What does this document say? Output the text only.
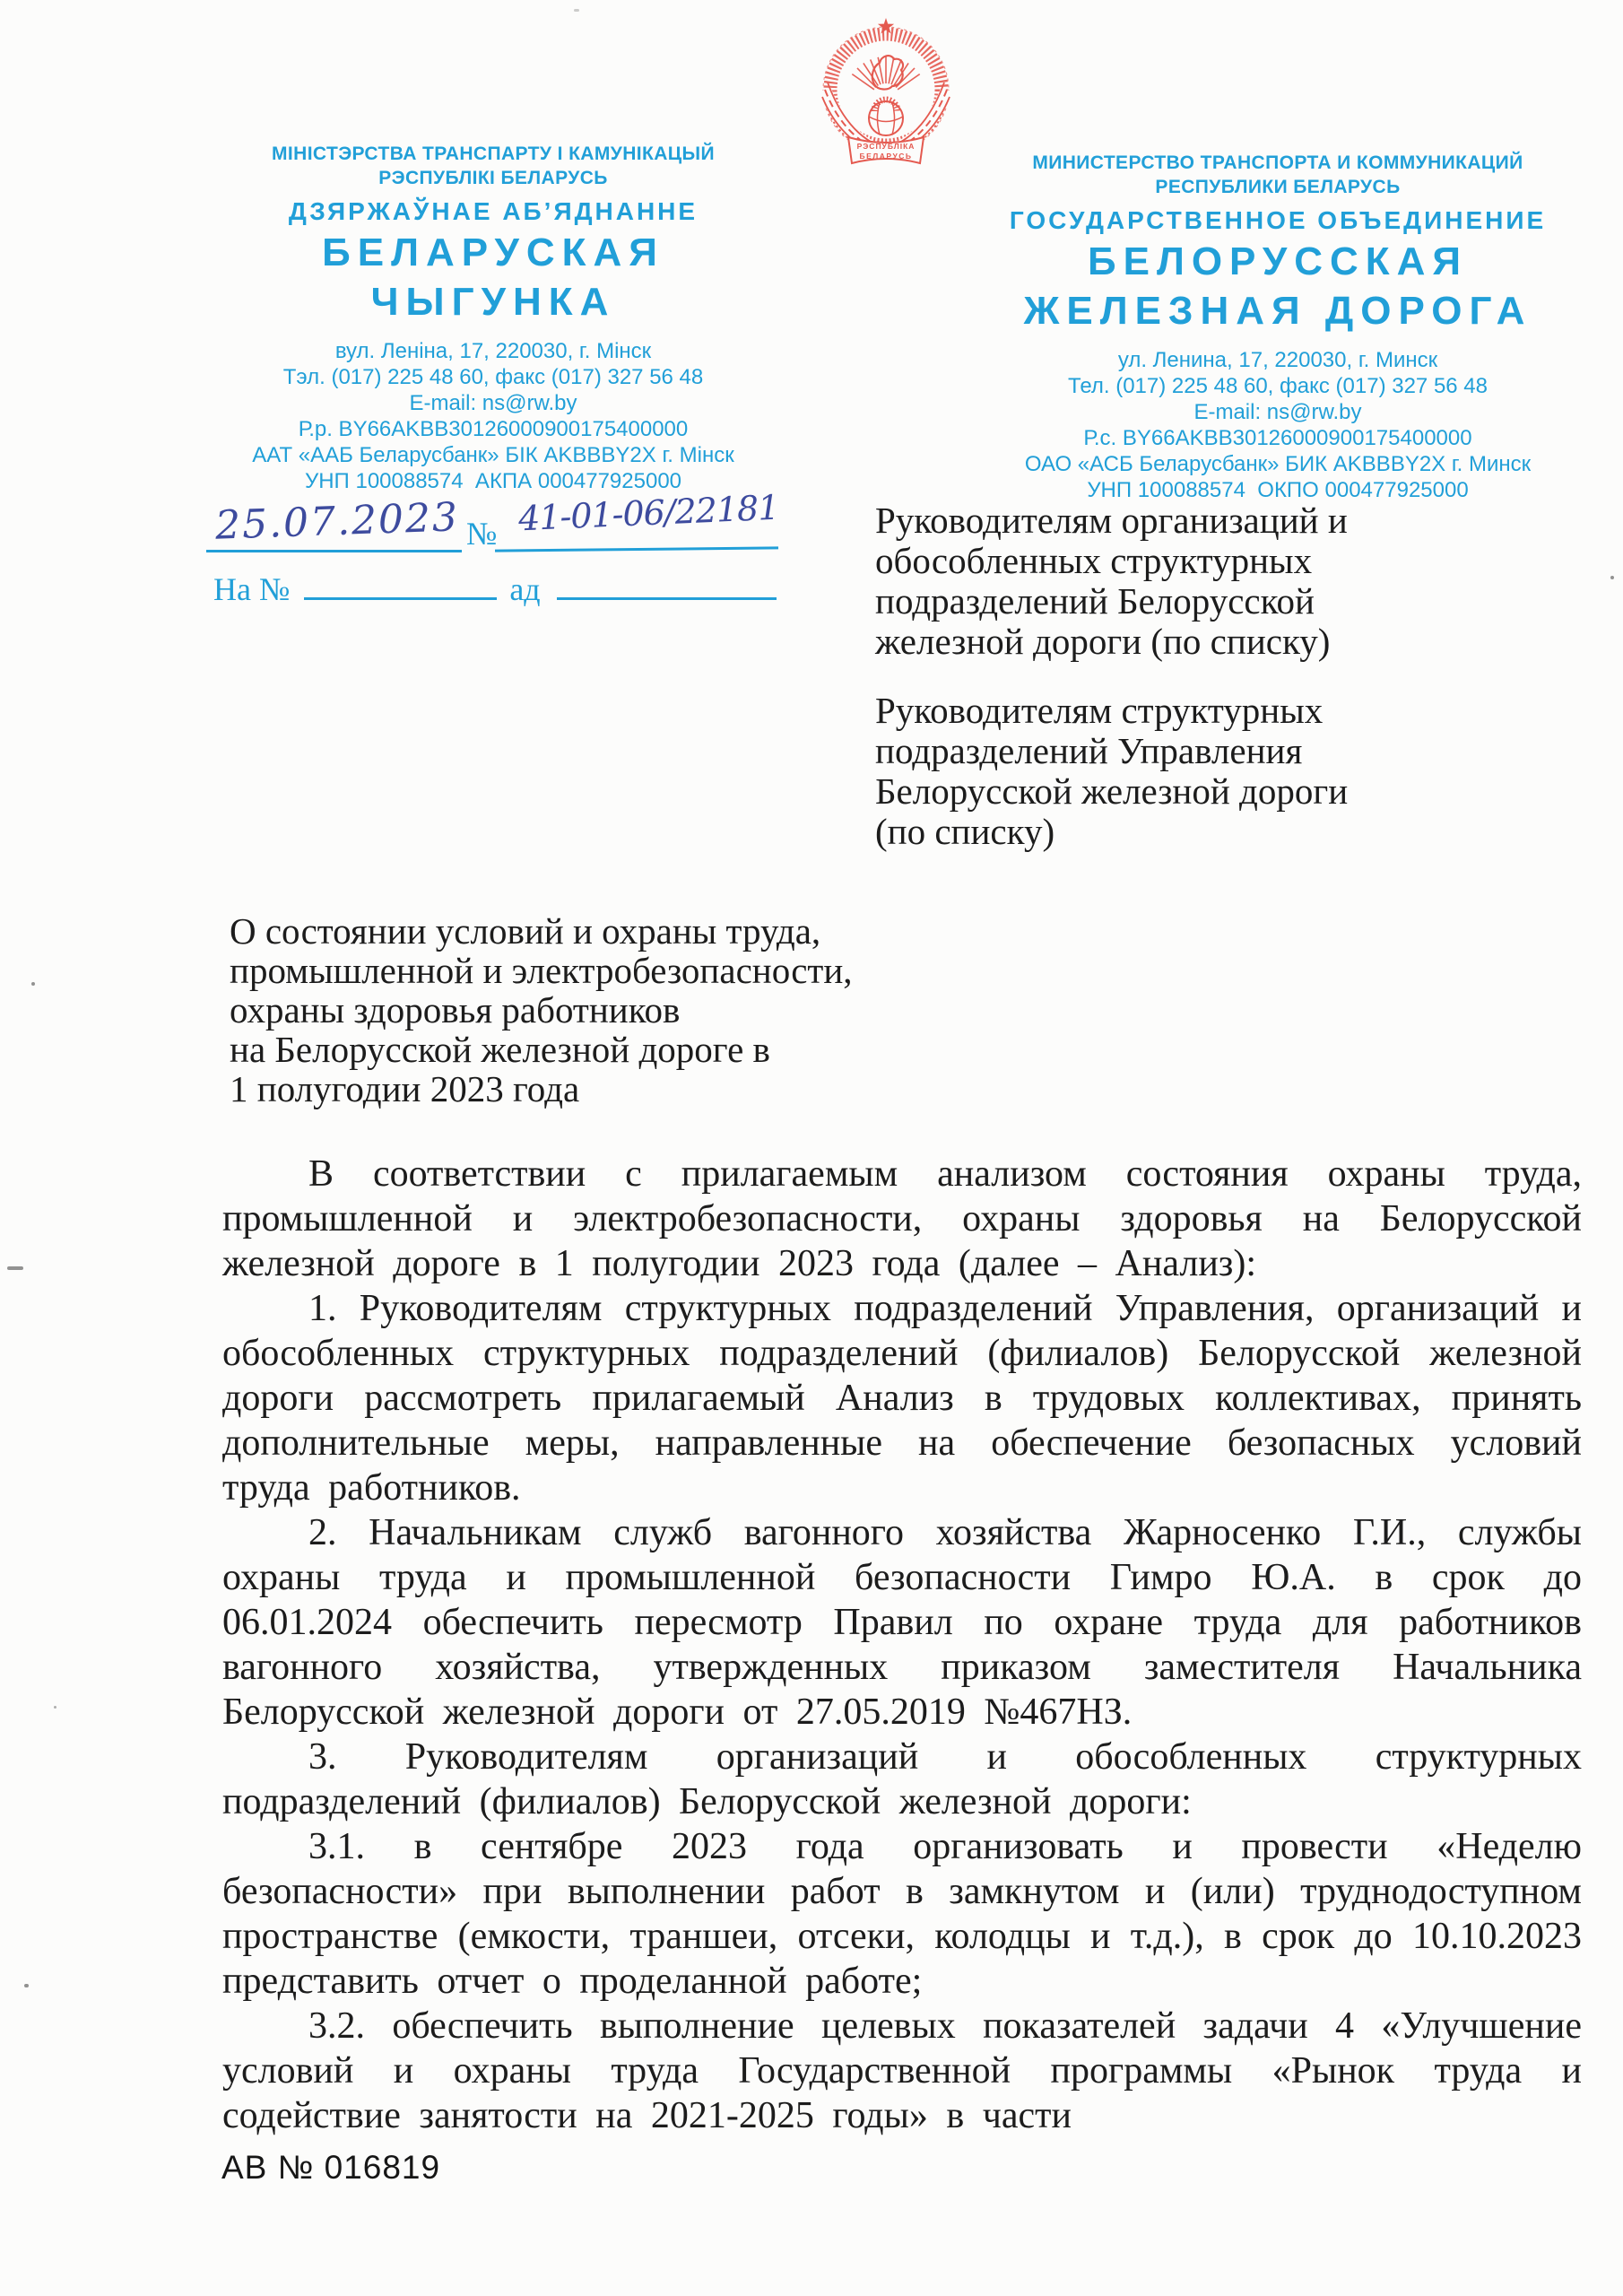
РЭСПУБЛІКА
БЕЛАРУСЬ
МІНІСТЭРСТВА ТРАНСПАРТУ І КАМУНІКАЦЫЙ
РЭСПУБЛІКІ БЕЛАРУСЬ
ДЗЯРЖАЎНАЕ АБ’ЯДНАННЕ
БЕЛАРУСКАЯ
ЧЫГУНКА
вул. Леніна, 17, 220030, г. Мінск
Тэл. (017) 225 48 60, факс (017) 327 56 48
E-mail: ns@rw.by
Р.р. BY66AKBB30126000900175400000
ААТ «ААБ Беларусбанк» БІК AKBBBY2X г. Мінск
УНП 100088574  АКПА 000477925000
МИНИСТЕРСТВО ТРАНСПОРТА И КОММУНИКАЦИЙ
РЕСПУБЛИКИ БЕЛАРУСЬ
ГОСУДАРСТВЕННОЕ ОБЪЕДИНЕНИЕ
БЕЛОРУССКАЯ
ЖЕЛЕЗНАЯ ДОРОГА
ул. Ленина, 17, 220030, г. Минск
Тел. (017) 225 48 60, факс (017) 327 56 48
E-mail: ns@rw.by
Р.с. BY66AKBB30126000900175400000
ОАО «АСБ Беларусбанк» БИК AKBBBY2X г. Минск
УНП 100088574  ОКПО 000477925000
25.07.2023 № 41-01-06/22181
На №	ад
Руководителям организаций и
обособленных структурных
подразделений Белорусской
железной дороги (по списку)
Руководителям структурных
подразделений Управления
Белорусской железной дороги
(по списку)
О состоянии условий и охраны труда,
промышленной и электробезопасности,
охраны здоровья работников
на Белорусской железной дороге в
1 полугодии 2023 года

В соответствии с прилагаемым анализом состояния охраны труда, промышленной и электробезопасности, охраны здоровья на Белорусской железной дороге в 1 полугодии 2023 года (далее – Анализ):

1. Руководителям структурных подразделений Управления, организаций и обособленных структурных подразделений (филиалов) Белорусской железной дороги рассмотреть прилагаемый Анализ в трудовых коллективах, принять дополнительные меры, направленные на обеспечение безопасных условий труда работников.

2. Начальникам служб вагонного хозяйства Жарносенко Г.И., службы охраны труда и промышленной безопасности Гимро Ю.А. в срок до 06.01.2024 обеспечить пересмотр Правил по охране труда для работников вагонного хозяйства, утвержденных приказом заместителя Начальника Белорусской железной дороги от 27.05.2019 №467НЗ.

3. Руководителям организаций и обособленных структурных подразделений (филиалов) Белорусской железной дороги:

3.1. в сентябре 2023 года организовать и провести «Неделю безопасности» при выполнении работ в замкнутом и (или) труднодоступном пространстве (емкости, траншеи, отсеки, колодцы и т.д.), в срок до 10.10.2023 представить отчет о проделанной работе;

3.2. обеспечить выполнение целевых показателей задачи 4 «Улучшение условий и охраны труда Государственной программы «Рынок труда и содействие занятости на 2021-2025 годы» в части

АВ № 016819
